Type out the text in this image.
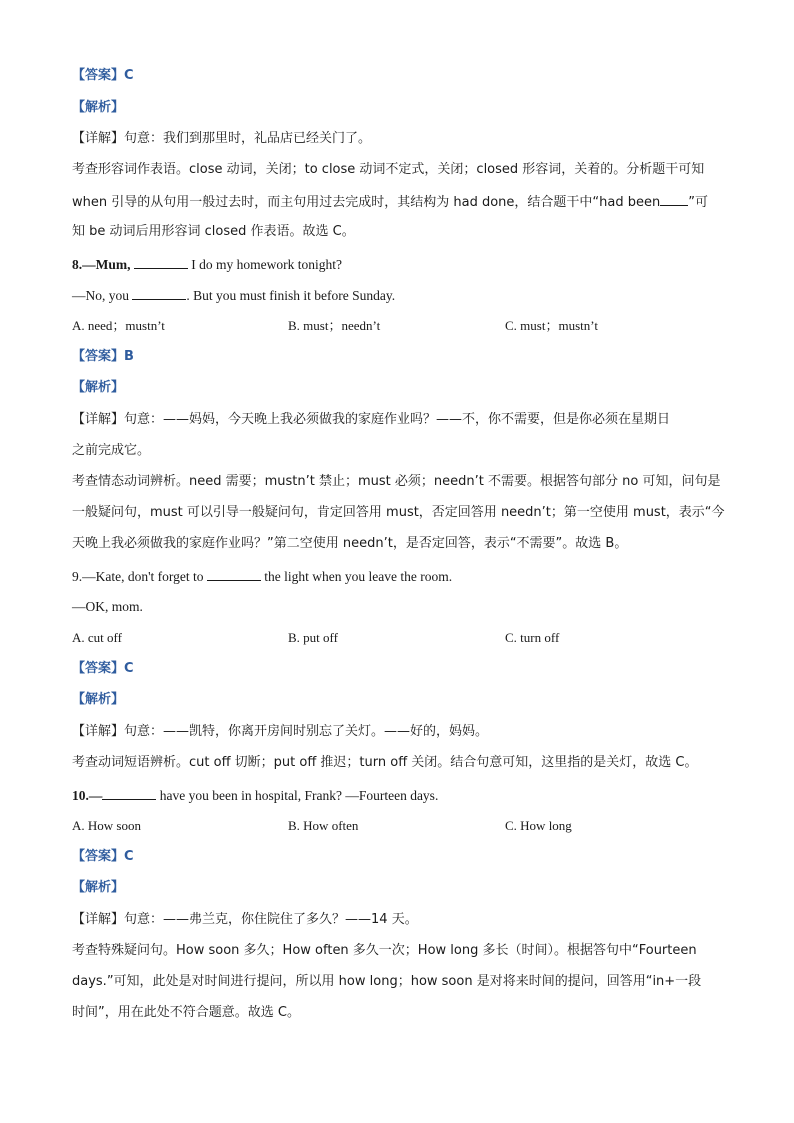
【答案】C
【解析】
【详解】句意：我们到那里时，礼品店已经关门了。
考查形容词作表语。close 动词，关闭；to close 动词不定式，关闭；closed 形容词，关着的。分析题干可知
when 引导的从句用一般过去时，而主句用过去完成时，其结构为 had done，结合题干中“had been ”可
知 be 动词后用形容词 closed 作表语。故选 C。
8.—Mum,	I do my homework tonight?
—No, you	. But you must finish it before Sunday.
A. need；mustn’t	B. must；needn’t	C. must；mustn’t
【答案】B
【解析】
【详解】句意：——妈妈，今天晚上我必须做我的家庭作业吗？——不，你不需要，但是你必须在星期日
之前完成它。
考查情态动词辨析。need 需要；mustn’t 禁止；must 必须；needn’t 不需要。根据答句部分 no 可知，问句是
一般疑问句，must 可以引导一般疑问句，肯定回答用 must，否定回答用 needn’t；第一空使用 must，表示“今
天晚上我必须做我的家庭作业吗？”第二空使用 needn’t，是否定回答，表示“不需要”。故选 B。
9.—Kate, don't forget to	the light when you leave the room.
—OK, mom.
A. cut off	B. put off	C. turn off
【答案】C
【解析】
【详解】句意：——凯特，你离开房间时别忘了关灯。——好的，妈妈。
考查动词短语辨析。cut off 切断；put off 推迟；turn off 关闭。结合句意可知，这里指的是关灯，故选 C。
10.—	have you been in hospital, Frank? —Fourteen days.
A. How soon	B. How often	C. How long
【答案】C
【解析】
【详解】句意：——弗兰克，你住院住了多久？——14 天。
考查特殊疑问句。How soon 多久；How often 多久一次；How long 多长（时间）。根据答句中“Fourteen
days.”可知，此处是对时间进行提问，所以用 how long；how soon 是对将来时间的提问，回答用“in+一段
时间”，用在此处不符合题意。故选 C。
